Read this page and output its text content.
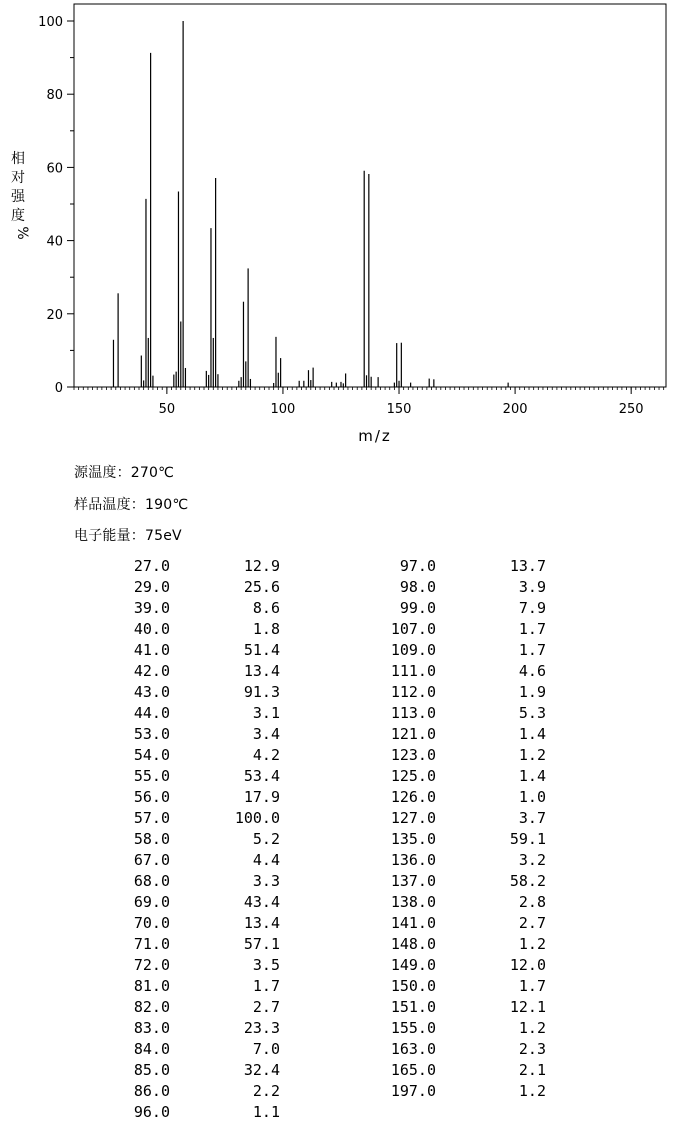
50	100	150	200	250
0
20
40
60
80
100
m/z
相
对
强
度
%
源温度：270℃
样品温度：190℃
电子能量：75eV
27.0	12.9
29.0	25.6
39.0	8.6
40.0	1.8
41.0	51.4
42.0	13.4
43.0	91.3
44.0	3.1
53.0	3.4
54.0	4.2
55.0	53.4
56.0	17.9
57.0	100.0
58.0	5.2
67.0	4.4
68.0	3.3
69.0	43.4
70.0	13.4
71.0	57.1
72.0	3.5
81.0	1.7
82.0	2.7
83.0	23.3
84.0	7.0
85.0	32.4
86.0	2.2
96.0	1.1
97.0	13.7
98.0	3.9
99.0	7.9
107.0	1.7
109.0	1.7
111.0	4.6
112.0	1.9
113.0	5.3
121.0	1.4
123.0	1.2
125.0	1.4
126.0	1.0
127.0	3.7
135.0	59.1
136.0	3.2
137.0	58.2
138.0	2.8
141.0	2.7
148.0	1.2
149.0	12.0
150.0	1.7
151.0	12.1
155.0	1.2
163.0	2.3
165.0	2.1
197.0	1.2
